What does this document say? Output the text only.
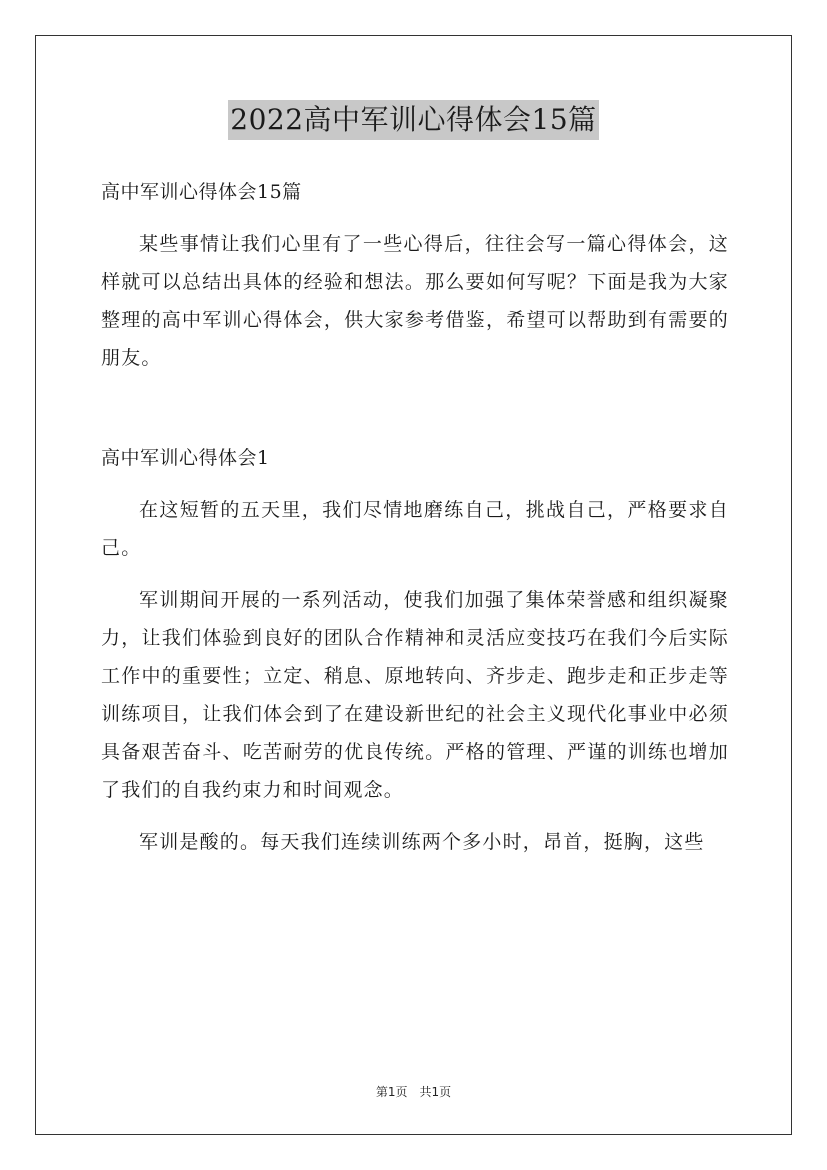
2022高中军训心得体会15篇

高中军训心得体会15篇

某些事情让我们心里有了一些心得后，往往会写一篇心得体会，这样就可以总结出具体的经验和想法。那么要如何写呢？下面是我为大家整理的高中军训心得体会，供大家参考借鉴，希望可以帮助到有需要的朋友。

高中军训心得体会1

在这短暂的五天里，我们尽情地磨练自己，挑战自己，严格要求自己。

军训期间开展的一系列活动，使我们加强了集体荣誉感和组织凝聚力，让我们体验到良好的团队合作精神和灵活应变技巧在我们今后实际工作中的重要性；立定、稍息、原地转向、齐步走、跑步走和正步走等训练项目，让我们体会到了在建设新世纪的社会主义现代化事业中必须具备艰苦奋斗、吃苦耐劳的优良传统。严格的管理、严谨的训练也增加了我们的自我约束力和时间观念。

军训是酸的。每天我们连续训练两个多小时，昂首，挺胸，这些

第1页　共1页
